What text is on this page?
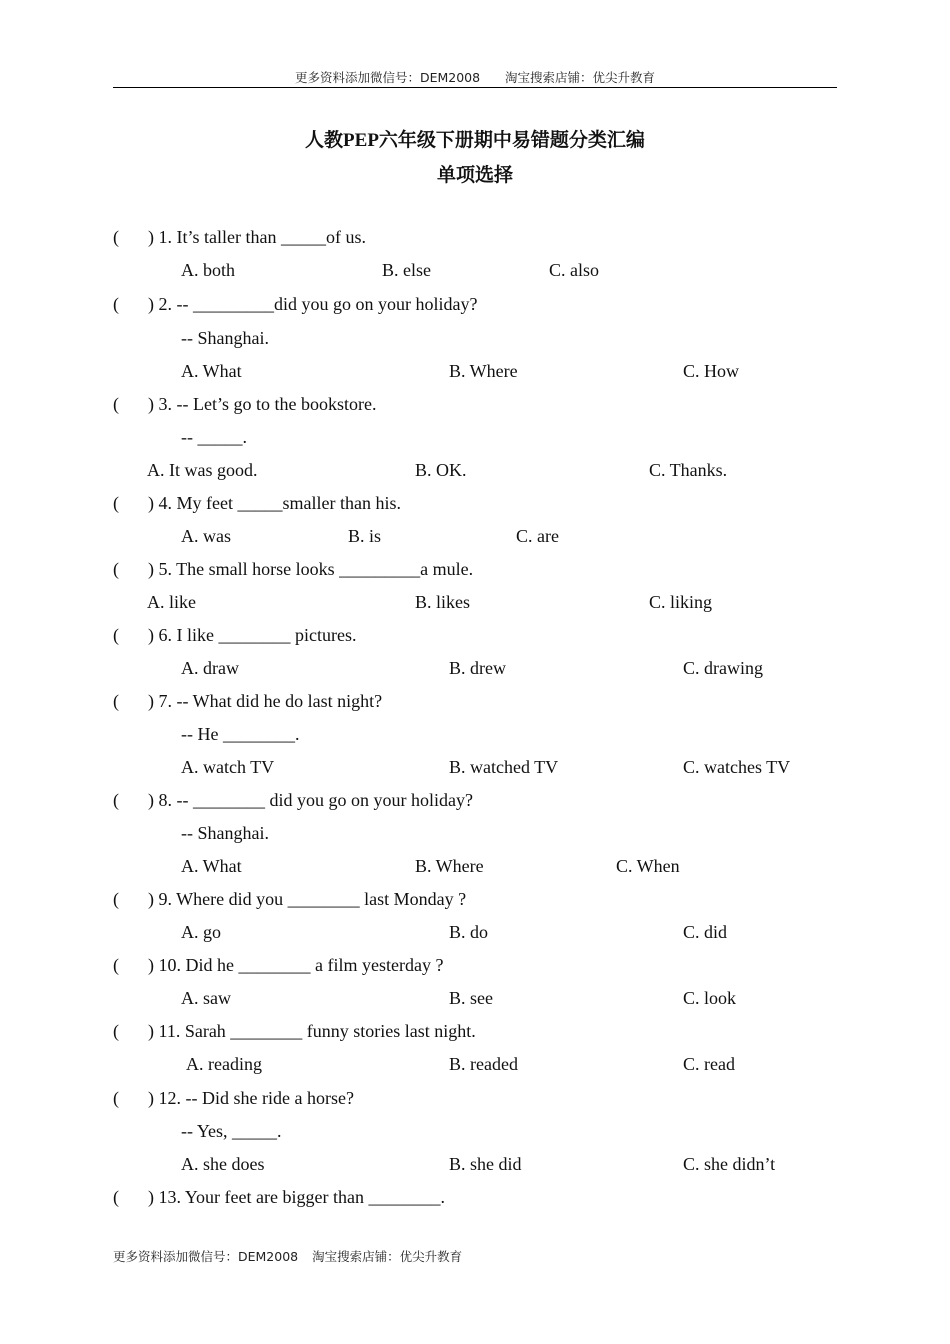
更多资料添加微信号：DEM2008　　淘宝搜索店铺：优尖升教育
人教PEP六年级下册期中易错题分类汇编
单项选择
( ) 1. It’s taller than _____of us.
A. both	B. else	C. also
( ) 2. -- _________did you go on your holiday?
-- Shanghai.
A. What	B. Where	C. How
( ) 3. -- Let’s go to the bookstore.
-- _____.
A. It was good.	B. OK.	C. Thanks.
( ) 4. My feet _____smaller than his.
A. was	B. is	C. are
( ) 5. The small horse looks _________a mule.
A. like	B. likes	C. liking
( ) 6. I like ________ pictures.
A. draw	B. drew	C. drawing
( ) 7. -- What did he do last night?
-- He ________.
A. watch TV	B. watched TV	C. watches TV
( ) 8. -- ________ did you go on your holiday?
-- Shanghai.
A. What	B. Where	C. When
( ) 9. Where did you ________ last Monday ?
A. go	B. do	C. did
( ) 10. Did he ________ a film yesterday ?
A. saw	B. see	C. look
( ) 11. Sarah ________ funny stories last night.
A. reading	B. readed	C. read
( ) 12. -- Did she ride a horse?
-- Yes, _____.
A. she does	B. she did	C. she didn’t
( ) 13. Your feet are bigger than ________.
更多资料添加微信号：DEM2008 淘宝搜索店铺：优尖升教育
